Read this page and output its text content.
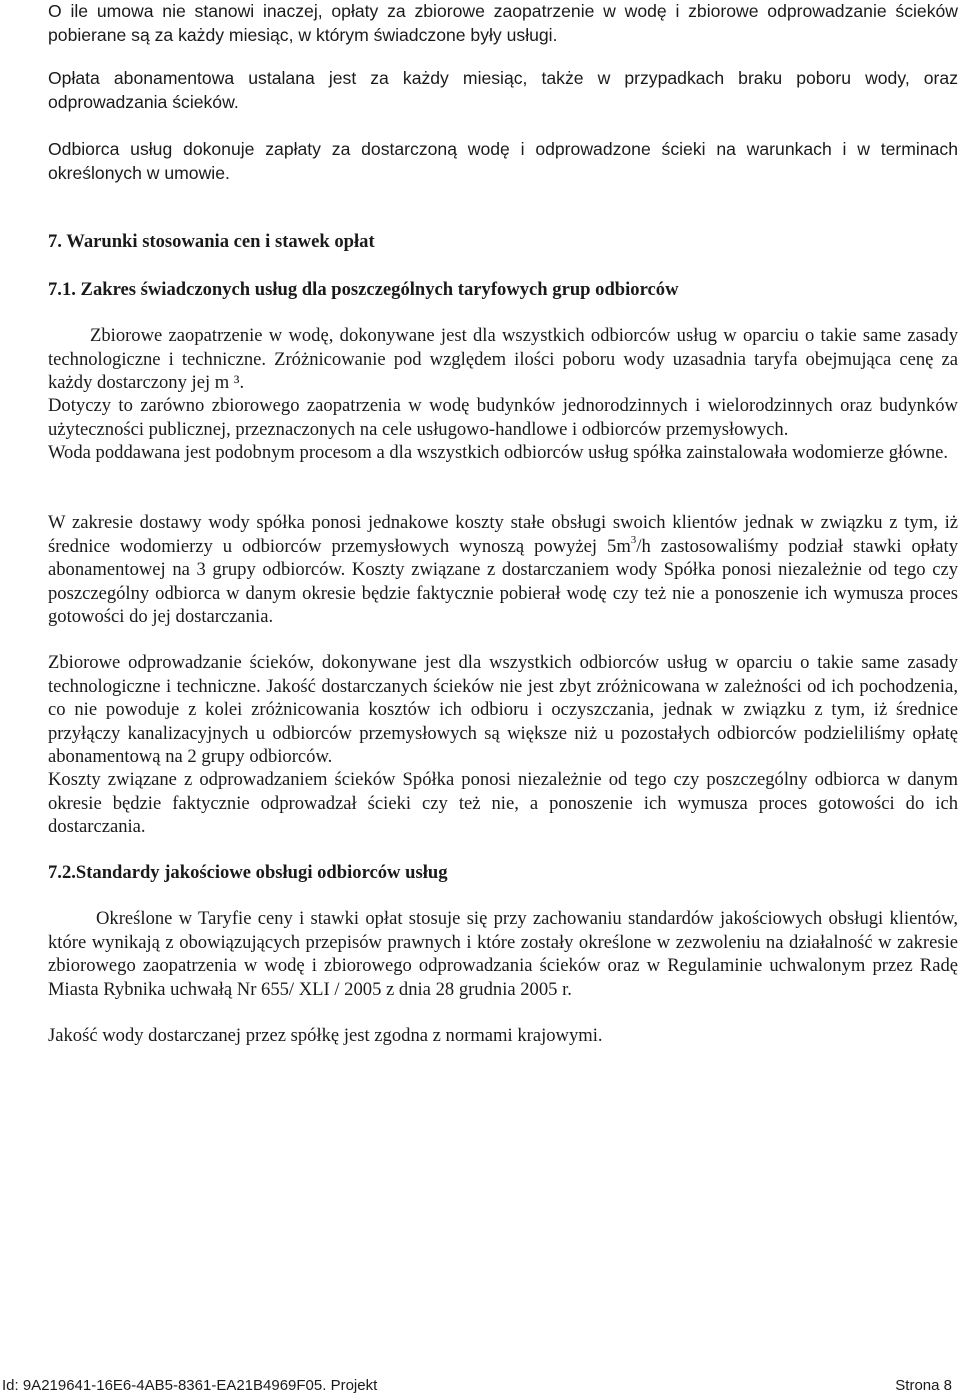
O ile umowa nie stanowi inaczej, opłaty za zbiorowe zaopatrzenie w wodę i zbiorowe odprowadzanie ścieków pobierane są za każdy miesiąc, w którym świadczone były usługi.

Opłata abonamentowa ustalana jest za każdy miesiąc, także w przypadkach braku poboru wody, oraz odprowadzania ścieków.

Odbiorca usług dokonuje zapłaty za dostarczoną wodę i odprowadzone ścieki na warunkach i w terminach określonych w umowie.

7. Warunki stosowania cen i stawek opłat
7.1. Zakres świadczonych usług dla poszczególnych taryfowych grup odbiorców

Zbiorowe zaopatrzenie w wodę, dokonywane jest dla wszystkich odbiorców usług w oparciu o takie same zasady technologiczne i techniczne. Zróżnicowanie pod względem ilości poboru wody uzasadnia taryfa obejmująca cenę za każdy dostarczony jej m ³.

Dotyczy to zarówno zbiorowego zaopatrzenia w wodę budynków jednorodzinnych i wielorodzinnych oraz budynków użyteczności publicznej, przeznaczonych na cele usługowo-handlowe i odbiorców przemysłowych.

Woda poddawana jest podobnym procesom a dla wszystkich odbiorców usług spółka zainstalowała wodomierze główne.

W zakresie dostawy wody spółka ponosi jednakowe koszty stałe obsługi swoich klientów jednak w związku z tym, iż średnice wodomierzy u odbiorców przemysłowych wynoszą powyżej $5m^3/h$ zastosowaliśmy podział stawki opłaty abonamentowej na 3 grupy odbiorców. Koszty związane z dostarczaniem wody Spółka ponosi niezależnie od tego czy poszczególny odbiorca w danym okresie będzie faktycznie pobierał wodę czy też nie a ponoszenie ich wymusza proces gotowości do jej dostarczania.

Zbiorowe odprowadzanie ścieków, dokonywane jest dla wszystkich odbiorców usług w oparciu o takie same zasady technologiczne i techniczne. Jakość dostarczanych ścieków nie jest zbyt zróżnicowana w zależności od ich pochodzenia, co nie powoduje z kolei zróżnicowania kosztów ich odbioru i oczyszczania, jednak w związku z tym, iż średnice przyłączy kanalizacyjnych u odbiorców przemysłowych są większe niż u pozostałych odbiorców podzieliliśmy opłatę abonamentową na 2 grupy odbiorców.

Koszty związane z odprowadzaniem ścieków Spółka ponosi niezależnie od tego czy poszczególny odbiorca w danym okresie będzie faktycznie odprowadzał ścieki czy też nie, a ponoszenie ich wymusza proces gotowości do ich dostarczania.

7.2.Standardy jakościowe obsługi odbiorców usług

Określone w Taryfie ceny i stawki opłat stosuje się przy zachowaniu standardów jakościowych obsługi klientów, które wynikają z obowiązujących przepisów prawnych i które zostały określone w zezwoleniu na działalność w zakresie zbiorowego zaopatrzenia w wodę i zbiorowego odprowadzania ścieków oraz w Regulaminie uchwalonym przez Radę Miasta Rybnika uchwałą Nr 655/ XLI / 2005 z dnia 28 grudnia 2005 r.

Jakość wody dostarczanej przez spółkę jest zgodna z normami krajowymi.

Id: 9A219641-16E6-4AB5-8361-EA21B4969F05. Projekt	Strona 8
